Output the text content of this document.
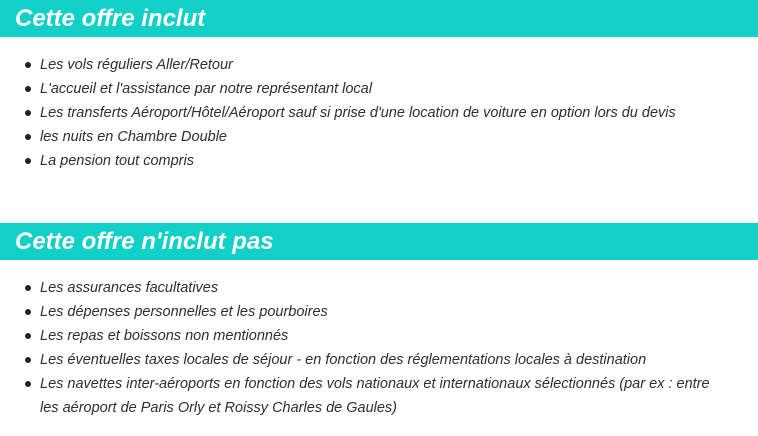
Cette offre inclut
Les vols réguliers Aller/Retour
L'accueil et l'assistance par notre représentant local
Les transferts Aéroport/Hôtel/Aéroport sauf si prise d'une location de voiture en option lors du devis
les nuits en Chambre Double
La pension tout compris
Cette offre n'inclut pas
Les assurances facultatives
Les dépenses personnelles et les pourboires
Les repas et boissons non mentionnés
Les éventuelles taxes locales de séjour - en fonction des réglementations locales à destination
Les navettes inter-aéroports en fonction des vols nationaux et internationaux sélectionnés (par ex : entre les aéroport de Paris Orly et Roissy Charles de Gaules)
